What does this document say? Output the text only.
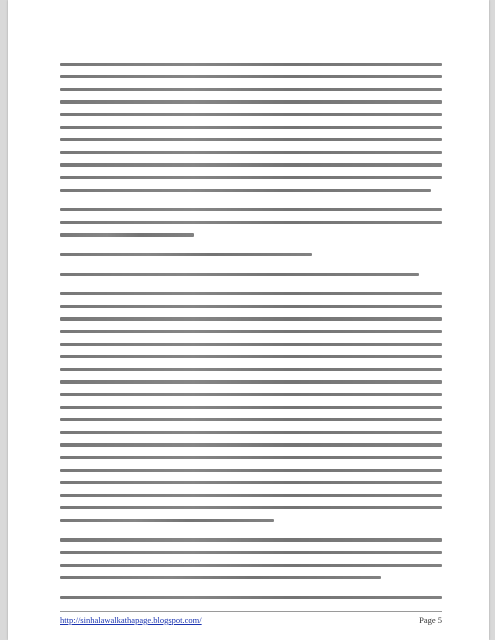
http://sinhalawalkathapage.blogspot.com/	Page 5
